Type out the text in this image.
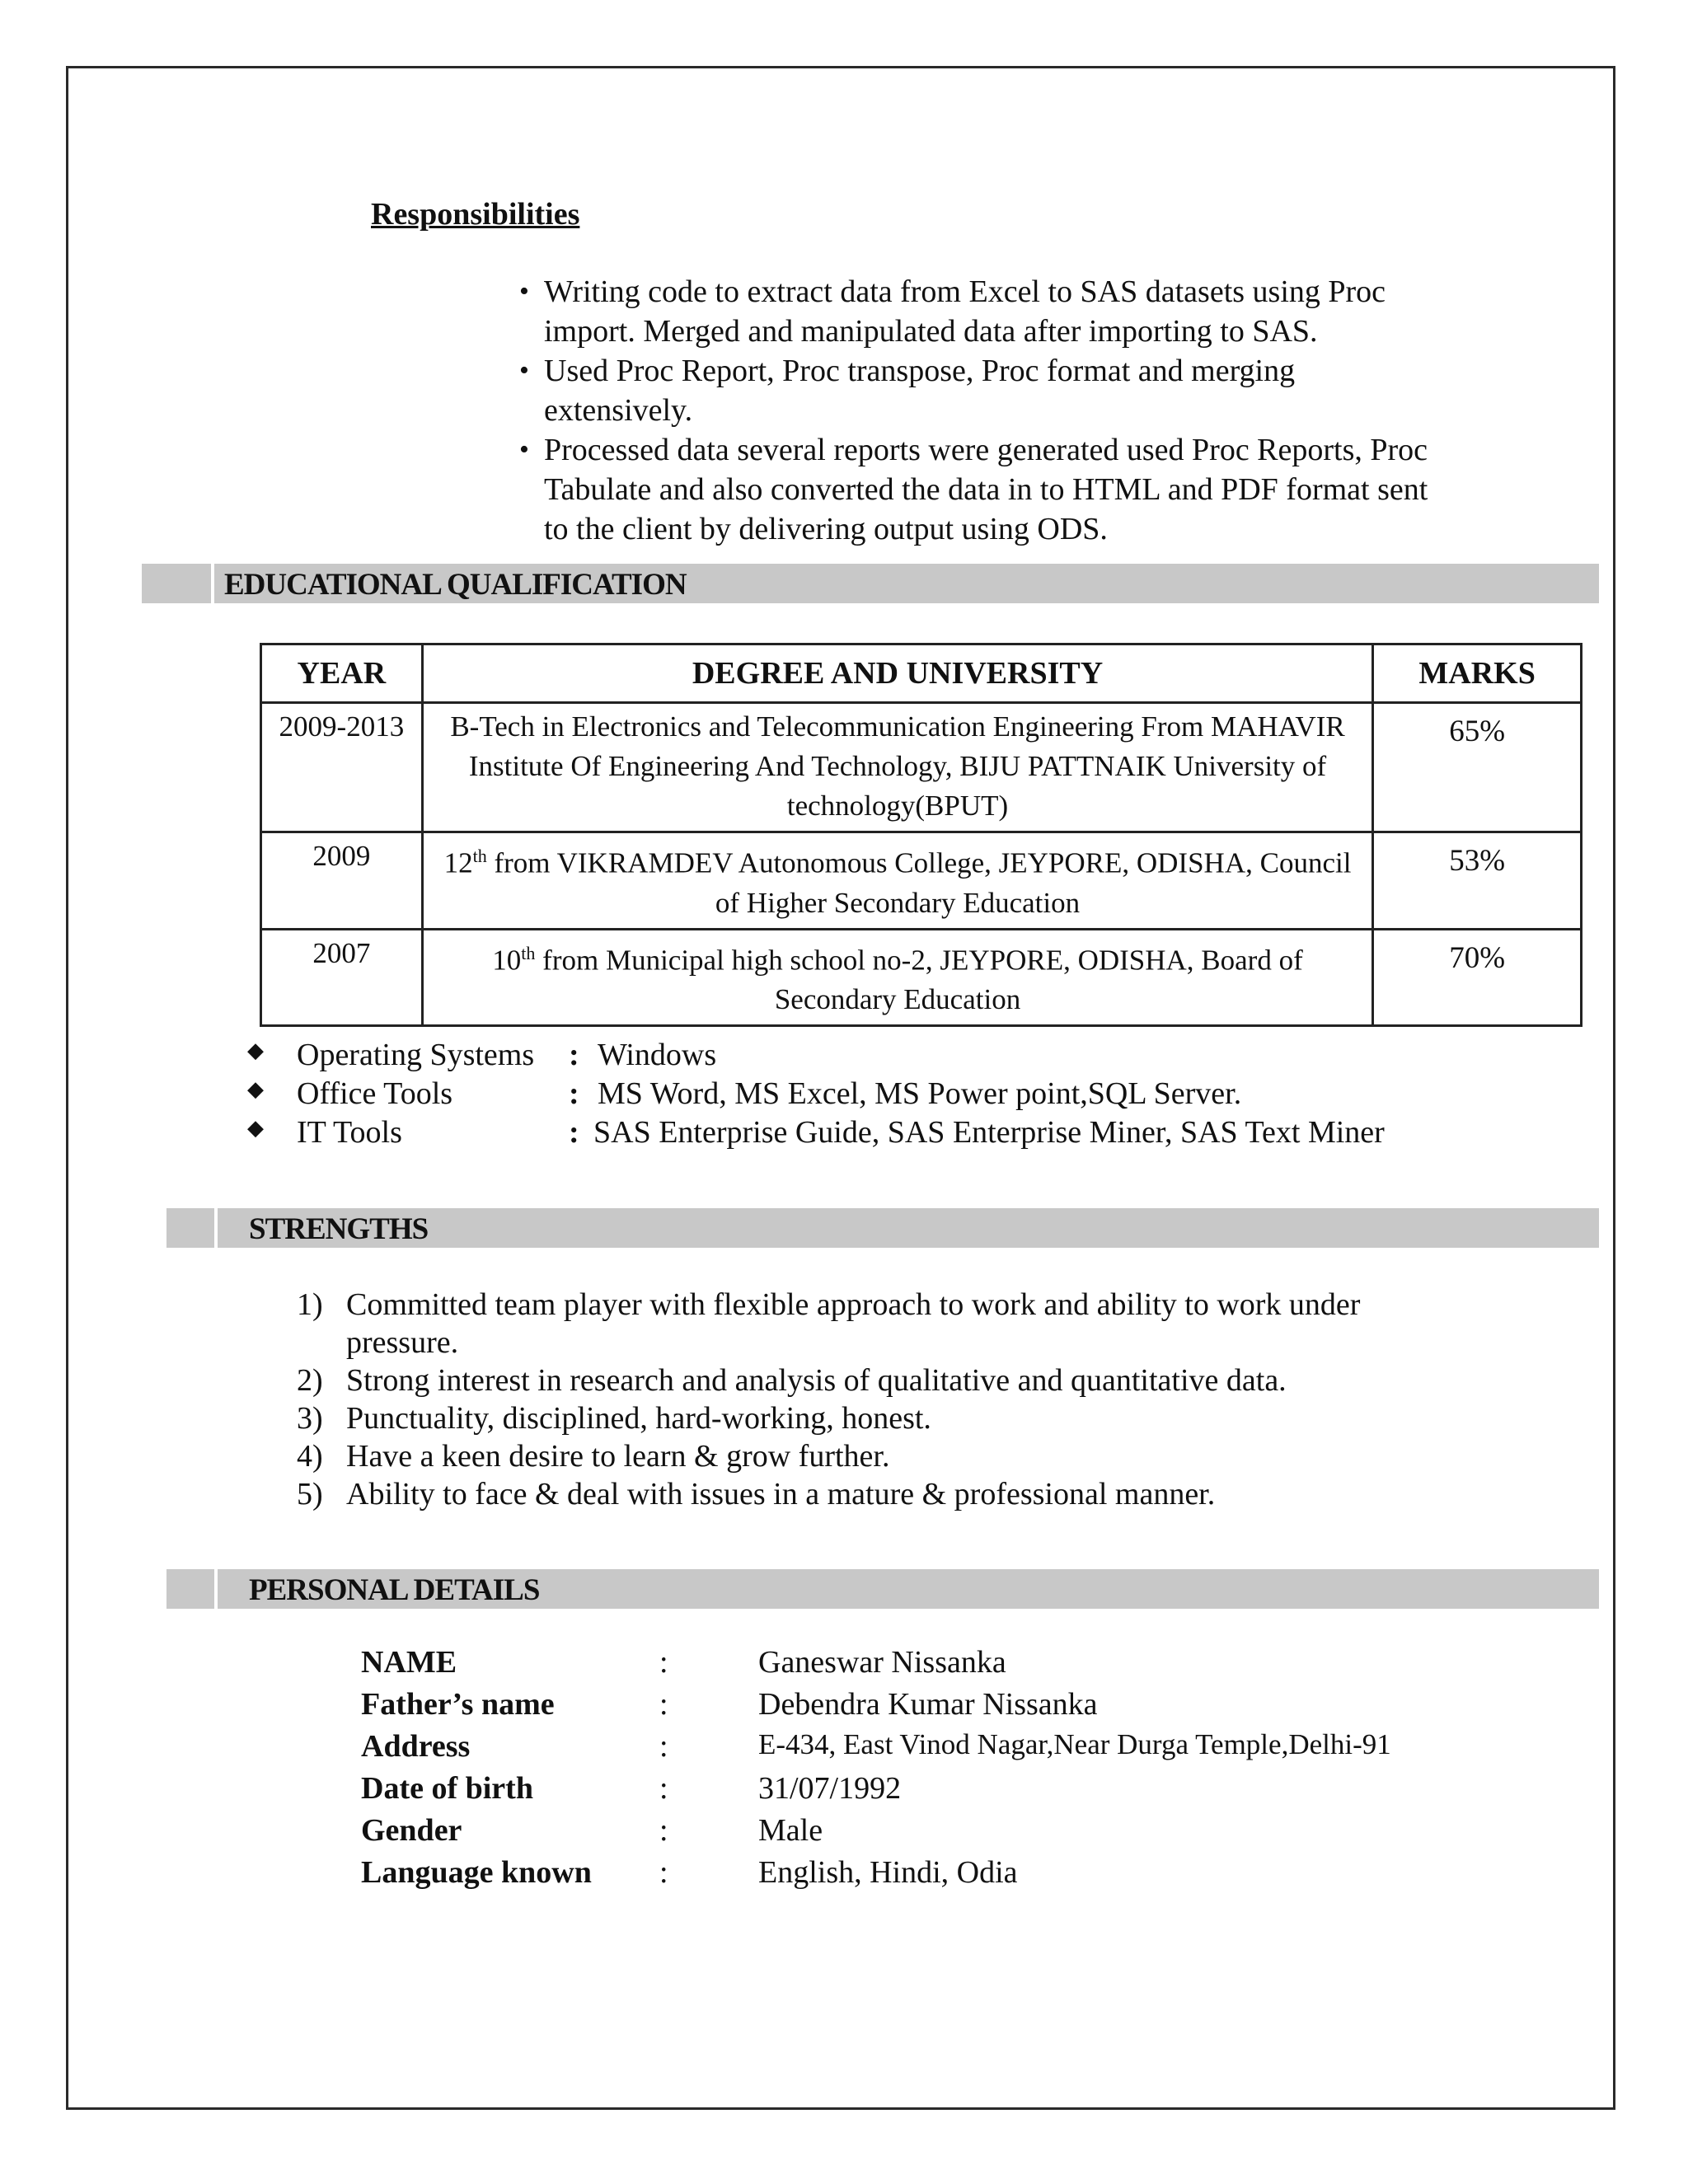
Responsibilities
• Writing code to extract data from Excel to SAS datasets using Proc import. Merged and manipulated data after importing to SAS.
• Used Proc Report, Proc transpose, Proc format and merging extensively.
• Processed data several reports were generated used Proc Reports, Proc Tabulate and also converted the data in to HTML and PDF format sent to the client by delivering output using ODS.
EDUCATIONAL QUALIFICATION
YEAR	DEGREE AND UNIVERSITY	MARKS
2009-2013	B-Tech in Electronics and Telecommunication Engineering From MAHAVIR Institute Of Engineering And Technology, BIJU PATTNAIK University of technology(BPUT)	65%
2009	12th from VIKRAMDEV Autonomous College, JEYPORE, ODISHA, Council of Higher Secondary Education	53%
2007	10th from Municipal high school no-2, JEYPORE, ODISHA, Board of Secondary Education	70%
◆ Operating Systems : Windows
◆ Office Tools	: MS Word, MS Excel, MS Power point,SQL Server.
◆ IT Tools	: SAS Enterprise Guide, SAS Enterprise Miner, SAS Text Miner
STRENGTHS
1) Committed team player with flexible approach to work and ability to work under pressure.
2) Strong interest in research and analysis of qualitative and quantitative data.
3) Punctuality, disciplined, hard-working, honest.
4) Have a keen desire to learn & grow further.
5) Ability to face & deal with issues in a mature & professional manner.
PERSONAL DETAILS
NAME	:	Ganeswar Nissanka
Father’s name	:	Debendra Kumar Nissanka
Address	:	E-434, East Vinod Nagar,Near Durga Temple,Delhi-91
Date of birth	:	31/07/1992
Gender	:	Male
Language known :	English, Hindi, Odia
